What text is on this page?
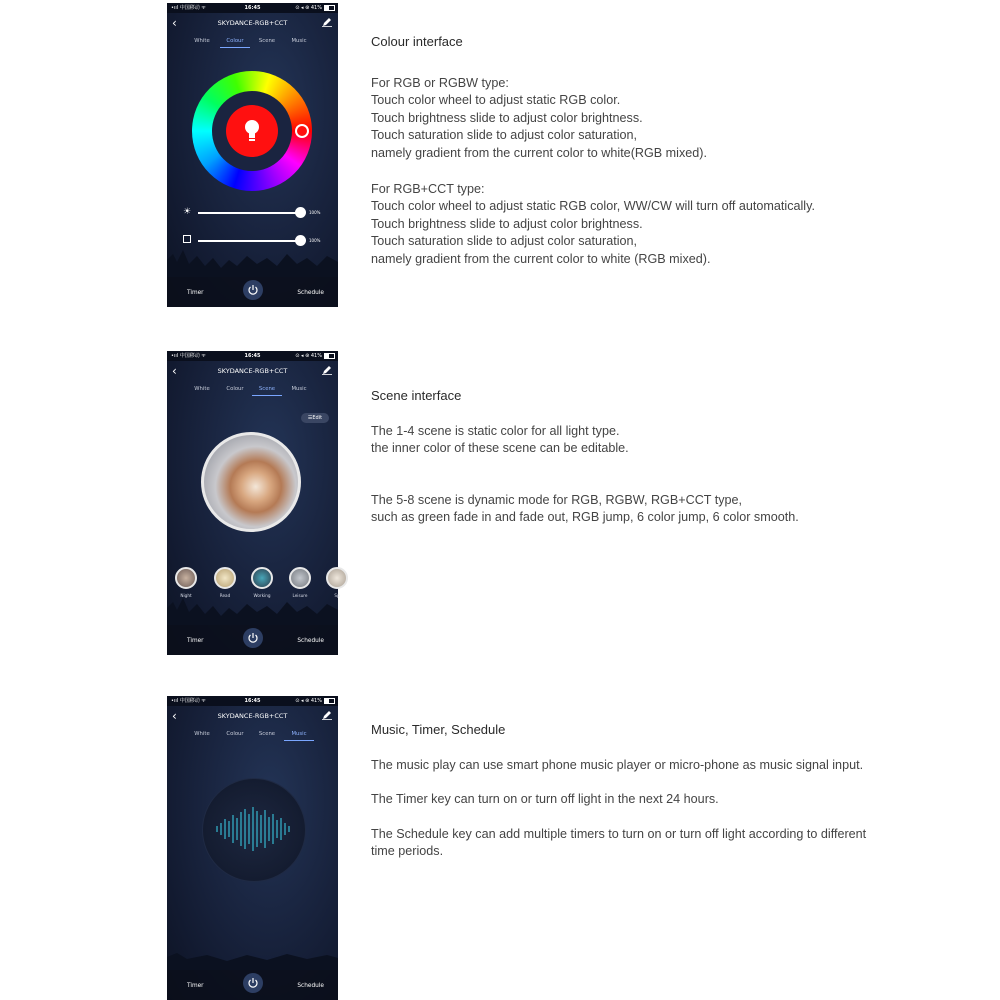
•ııl 中国移动 ᯤ	16:45	⊙ ◂ ⊛ 41%
‹	SKYDANCE-RGB+CCT
White	Colour	Scene	Music
☀	100%
100%
Timer	Schedule
•ııl 中国移动 ᯤ	16:45	⊙ ◂ ⊛ 41%
‹	SKYDANCE-RGB+CCT
White	Colour	Scene	Music
☰Edit
Night	Read	Working	Leisure	Sp
Timer	Schedule
•ııl 中国移动 ᯤ	16:45	⊙ ◂ ⊛ 41%
‹	SKYDANCE-RGB+CCT
White	Colour	Scene	Music
Timer	Schedule
Colour interface
For RGB or RGBW type:
Touch color wheel to adjust static RGB color.
Touch brightness slide to adjust color brightness.
Touch saturation slide to adjust color saturation,
namely gradient from the current color to white(RGB mixed).
For RGB+CCT type:
Touch color wheel to adjust static RGB color, WW/CW will turn off automatically.
Touch brightness slide to adjust color brightness.
Touch saturation slide to adjust color saturation,
namely gradient from the current color to white (RGB mixed).
Scene interface
The 1-4 scene is static color for all light type.
the inner color of these scene can be editable.
The 5-8 scene is dynamic mode for RGB, RGBW, RGB+CCT type,
such as green fade in and fade out, RGB jump, 6 color jump, 6 color smooth.
Music, Timer, Schedule
The music play can use smart phone music player or micro-phone as music signal input.
The Timer key can turn on or turn off light in the next 24 hours.
The Schedule key can add multiple timers to turn on or turn off light according to different
time periods.
